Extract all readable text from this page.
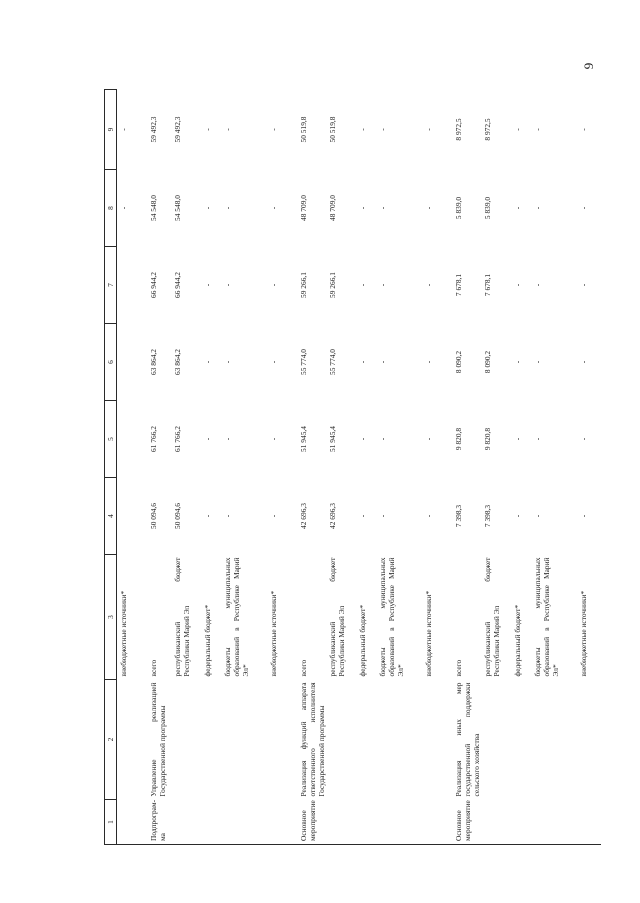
9
1	2	3	4	5	6	7	8	9
		внебюджетные источники*					-	-
Подпрограм-ма	Управление реализацией Государственной программы	всего	50 094,6	61 766,2	63 864,2	66 944,2	54 548,0	59 492,3
		республиканский бюджет Республики Марий Эл	50 094,6	61 766,2	63 864,2	66 944,2	54 548,0	59 492,3
		федеральный бюджет*	-	-	-	-	-	-
		бюджеты муниципальных образований в Республике Марий Эл*	-	-	-	-	-	-
		внебюджетные источники*	-	-	-	-	-	-
Основное мероприятие	Реализация функций аппарата ответственного исполнителя Государственной программы	всего	42 696,3	51 945,4	55 774,0	59 266,1	48 709,0	50 519,8
		республиканский бюджет Республики Марий Эл	42 696,3	51 945,4	55 774,0	59 266,1	48 709,0	50 519,8
		федеральный бюджет*	-	-	-	-	-	-
		бюджеты муниципальных образований в Республике Марий Эл*	-	-	-	-	-	-
		внебюджетные источники*	-	-	-	-	-	-
Основное мероприятие	Реализация иных мер государственной поддержки сельского хозяйства	всего	7 398,3	9 820,8	8 090,2	7 678,1	5 839,0	8 972,5
		республиканский бюджет Республики Марий Эл	7 398,3	9 820,8	8 090,2	7 678,1	5 839,0	8 972,5
		федеральный бюджет*	-	-	-	-	-	-
		бюджеты муниципальных образований в Республике Марий Эл*	-	-	-	-	-	-
		внебюджетные источники*	-	-	-	-	-	-
